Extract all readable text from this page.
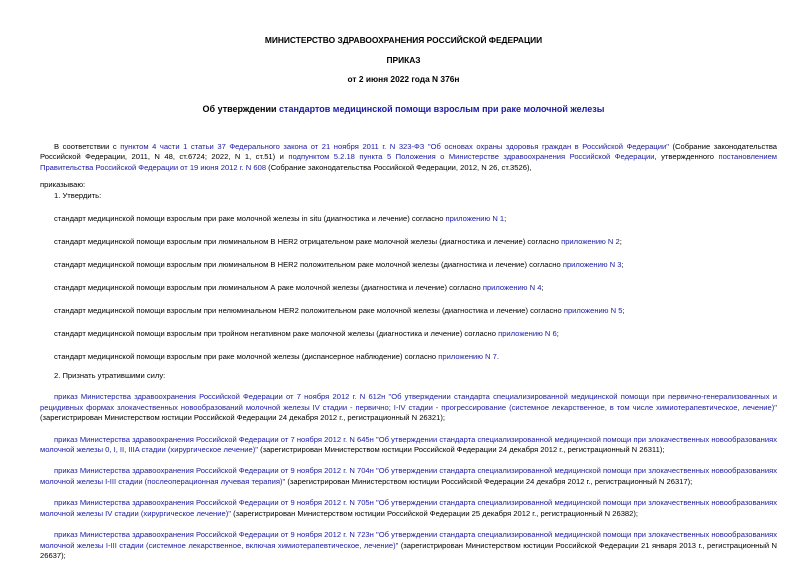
МИНИСТЕРСТВО ЗДРАВООХРАНЕНИЯ РОССИЙСКОЙ ФЕДЕРАЦИИ
ПРИКАЗ
от 2 июня 2022 года N 376н
Об утверждении стандартов медицинской помощи взрослым при раке молочной железы

В соответствии с пунктом 4 части 1 статьи 37 Федерального закона от 21 ноября 2011 г. N 323-ФЗ "Об основах охраны здоровья граждан в Российской Федерации" (Собрание законодательства Российской Федерации, 2011, N 48, ст.6724; 2022, N 1, ст.51) и подпунктом 5.2.18 пункта 5 Положения о Министерстве здравоохранения Российской Федерации, утвержденного постановлением Правительства Российской Федерации от 19 июня 2012 г. N 608 (Собрание законодательства Российской Федерации, 2012, N 26, ст.3526),

приказываю:

1. Утвердить:

стандарт медицинской помощи взрослым при раке молочной железы in situ (диагностика и лечение) согласно приложению N 1;

стандарт медицинской помощи взрослым при люминальном В HER2 отрицательном раке молочной железы (диагностика и лечение) согласно приложению N 2;

стандарт медицинской помощи взрослым при люминальном В HER2 положительном раке молочной железы (диагностика и лечение) согласно приложению N 3;

стандарт медицинской помощи взрослым при люминальном А раке молочной железы (диагностика и лечение) согласно приложению N 4;

стандарт медицинской помощи взрослым при нелюминальном HER2 положительном раке молочной железы (диагностика и лечение) согласно приложению N 5;

стандарт медицинской помощи взрослым при тройном негативном раке молочной железы (диагностика и лечение) согласно приложению N 6;

стандарт медицинской помощи взрослым при раке молочной железы (диспансерное наблюдение) согласно приложению N 7.

2. Признать утратившими силу:

приказ Министерства здравоохранения Российской Федерации от 7 ноября 2012 г. N 612н "Об утверждении стандарта специализированной медицинской помощи при первично-генерализованных и рецидивных формах злокачественных новообразований молочной железы IV стадии - первично; I-IV стадии - прогрессирование (системное лекарственное, в том числе химиотерапевтическое, лечение)" (зарегистрирован Министерством юстиции Российской Федерации 24 декабря 2012 г., регистрационный N 26321);

приказ Министерства здравоохранения Российской Федерации от 7 ноября 2012 г. N 645н "Об утверждении стандарта специализированной медицинской помощи при злокачественных новообразованиях молочной железы 0, I, II, IIIA стадии (хирургическое лечение)" (зарегистрирован Министерством юстиции Российской Федерации 24 декабря 2012 г., регистрационный N 26311);

приказ Министерства здравоохранения Российской Федерации от 9 ноября 2012 г. N 704н "Об утверждении стандарта специализированной медицинской помощи при злокачественных новообразованиях молочной железы I-III стадии (послеоперационная лучевая терапия)" (зарегистрирован Министерством юстиции Российской Федерации 24 декабря 2012 г., регистрационный N 26317);

приказ Министерства здравоохранения Российской Федерации от 9 ноября 2012 г. N 705н "Об утверждении стандарта специализированной медицинской помощи при злокачественных новообразованиях молочной железы IV стадии (хирургическое лечение)" (зарегистрирован Министерством юстиции Российской Федерации 25 декабря 2012 г., регистрационный N 26382);

приказ Министерства здравоохранения Российской Федерации от 9 ноября 2012 г. N 723н "Об утверждении стандарта специализированной медицинской помощи при злокачественных новообразованиях молочной железы I-III стадии (системное лекарственное, включая химиотерапевтическое, лечение)" (зарегистрирован Министерством юстиции Российской Федерации 21 января 2013 г., регистрационный N 26637);
